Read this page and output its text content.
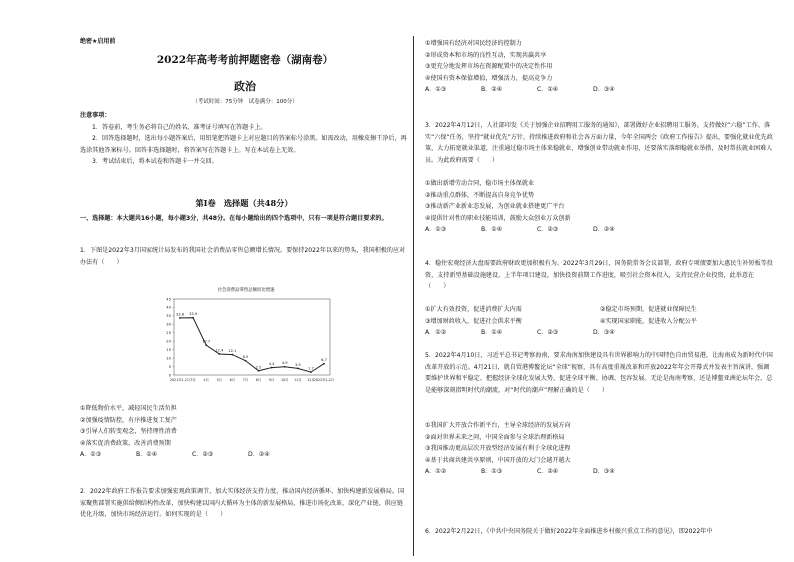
绝密★启用前
2022年高考考前押题密卷（湖南卷）
政治
（考试时间：75分钟　试卷满分：100分）

注意事项：

1．答卷前，考生务必将自己的姓名、准考证号填写在答题卡上。

2．回答选择题时，选出每小题答案后，用铅笔把答题卡上对应题目的答案标号涂黑。如需改动，用橡皮擦干净后，再选涂其他答案标号。回答非选择题时，将答案写在答题卡上。写在本试卷上无效。

3．考试结束后，将本试卷和答题卡一并交回。

第Ⅰ卷　选择题（共48分）
一、选择题：本大题共16小题，每小题3分，共48分。在每小题给出的四个选项中，只有一项是符合题目要求的。
1．下图是2022年3月国家统计局发布的我国社会消费品零售总额增长情况。要保持2022年以来的势头，我国积极的应对办法有（　　）

①降低物价水平，减轻国民生活负担

②加强疫情防控，有序推进复工复产

③引导人们转变观念，坚持理性消费

④落实促消费政策，改善消费预期

A．①③	B．①④	C．②③	D．②④
2．2022年政府工作报告要求加强宏观政策调节，加大实体经济支持力度，推动国内经济循环、加快构建新发展格局。国家聚焦部署实施供给侧结构性改革，加快构建以国内大循环为主体的新发展格局，推进市场化改革，深化产业链、供应链优化升级，加快市场经济运行。如何实现的是（　　）
社会消费品零售总额同比增速
45
40
35
30
25
20
15
10
5
0
2021年1-2月 3月 4月 5月 6月 7月 8月 9月 10月 11月 12月 2022年1-2月
33.8 33.9
17.7
12.4 12.1
8.5
2.5
4.4 4.9 3.9
1.7
6.7

①增强国有经济对国民经济的控制力

②形成资本和市场的良性互动，实现共赢共享

③更充分地发挥市场在资源配置中的决定性作用

④使国有资本保值增值，增强活力，提高竞争力

A．①③	B．②④	C．①④	D．③④
3．2022年4月12日，人社部印发《关于加强企业招聘用工服务的通知》，部署做好企业招聘用工服务。支持做好“六稳”工作、落实“六保”任务，坚持“就业优先”方针，持续推进政府和社会各方面力量，今年全国两会《政府工作报告》提出，要强化就业优先政策，大力拓宽就业渠道，注重通过稳市场主体来稳就业，增强创业带动就业作用，还要落实落细稳就业举措，及时帮扶就业困难人员。为此政府需要（　　）

①做出新增劳动合同，稳市场主体保就业

②推动重点群体，不断提高自身竞争优势

③推动新产业新业态发展，为创业就业搭建更广平台

④提供针对性的职业技能培训，鼓励大众创业万众创新

A．①③	B．①④	C．②③	D．②④
4．稳住宏观经济大盘需要政府财政更加积极有为。2022年3月29日，国务院常务会议部署，政府专项债要加大惠民生补短板等投资，支持新型基础设施建设，上半年项目建设，加快投资前期工作进度，吸引社会资本投入，支持民营企业投资，此举意在（　　）
①扩大有效投资，促进消费扩大内需	②稳定市场预期，促进就业保障民生
③增加财政收入，促进社会供求平衡	④实现国家职能，促进收入分配公平
A．①②	B．①④	C．②③	D．③④
5．2022年4月10日，习近平总书记考察海南，要求海南加快建设具有世界影响力的中国特色自由贸易港，让海南成为新时代中国改革开放的示范。4月21日，就自贸港博鳌论坛“全球”视察，具有高度重视改革和开放2022年年会开幕式并发表主旨演讲，强调要维护世界和平稳定、把握经济全球化发展大势，促进全球平衡、协调、包容发展。无论是海南考察，还是博鳌亚洲论坛年会，总是能够深刻指明时代的潮流，对“时代的潮声”理解正确的是（　　）

①我国扩大开放合作新平台，主导全球经济的发展方向

②面对世界未来之问，中国全面参与全球治理新格局

③我国推动更高层次开放型经济发展有利于全球化进程

④基于共商共建共享原则，中国开放的大门会越开越大

A．①②	B．①③	C．②④	D．③④
6．2022年2月22日，《中共中央国务院关于做好2022年全面推进乡村振兴重点工作的意见》，即2022年中
